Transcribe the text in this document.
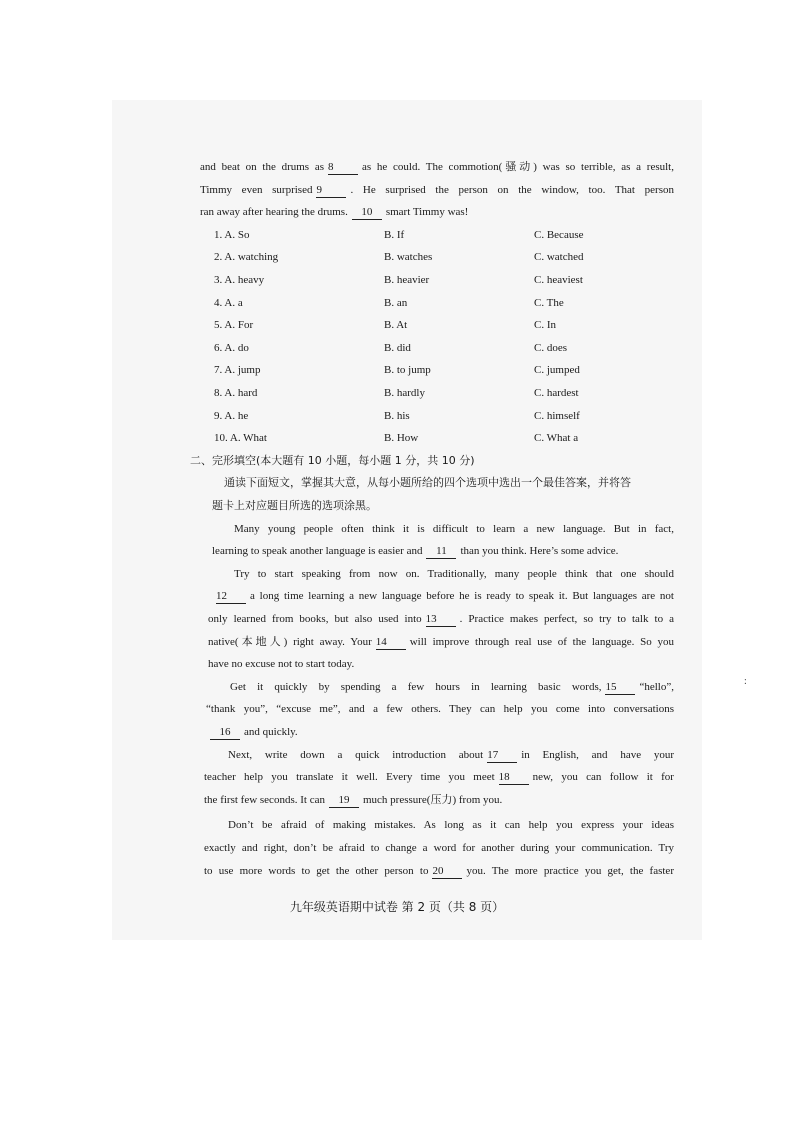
and beat on the drums as 8	as he could. The commotion(骚动) was so terrible, as a result,
Timmy even surprised 9	. He surprised the person on the window, too. That person
ran away after hearing the drums. 10 smart Timmy was!
1. A. So	B. If	C. Because
2. A. watching	B. watches	C. watched
3. A. heavy	B. heavier	C. heaviest
4. A. a	B. an	C. The
5. A. For	B. At	C. In
6. A. do	B. did	C. does
7. A. jump	B. to jump	C. jumped
8. A. hard	B. hardly	C. hardest
9. A. he	B. his	C. himself
10. A. What	B. How	C. What a
二、完形填空(本大题有 10 小题，每小题 1 分，共 10 分)
通读下面短文，掌握其大意，从每小题所给的四个选项中选出一个最佳答案，并将答
题卡上对应题目所选的选项涂黑。
Many young people often think it is difficult to learn a new language. But in fact,
learning to speak another language is easier and 11 than you think. Here’s some advice.
Try to start speaking from now on. Traditionally, many people think that one should
12 a long time learning a new language before he is ready to speak it. But languages are not
only learned from books, but also used into 13 . Practice makes perfect, so try to talk to a
native(本地人) right away. Your 14 will improve through real use of the language. So you
have no excuse not to start today.
Get it quickly by spending a few hours in learning basic words, 15 “hello”,
“thank you”, “excuse me”, and a few others. They can help you come into conversations
16 and quickly.
Next, write down a quick introduction about 17 in English, and have your
teacher help you translate it well. Every time you meet 18 new, you can follow it for
the first few seconds. It can 19 much pressure(压力) from you.
Don’t be afraid of making mistakes. As long as it can help you express your ideas
exactly and right, don’t be afraid to change a word for another during your communication. Try
to use more words to get the other person to 20 you. The more practice you get, the faster
:
九年级英语期中试卷 第 2 页（共 8 页）
